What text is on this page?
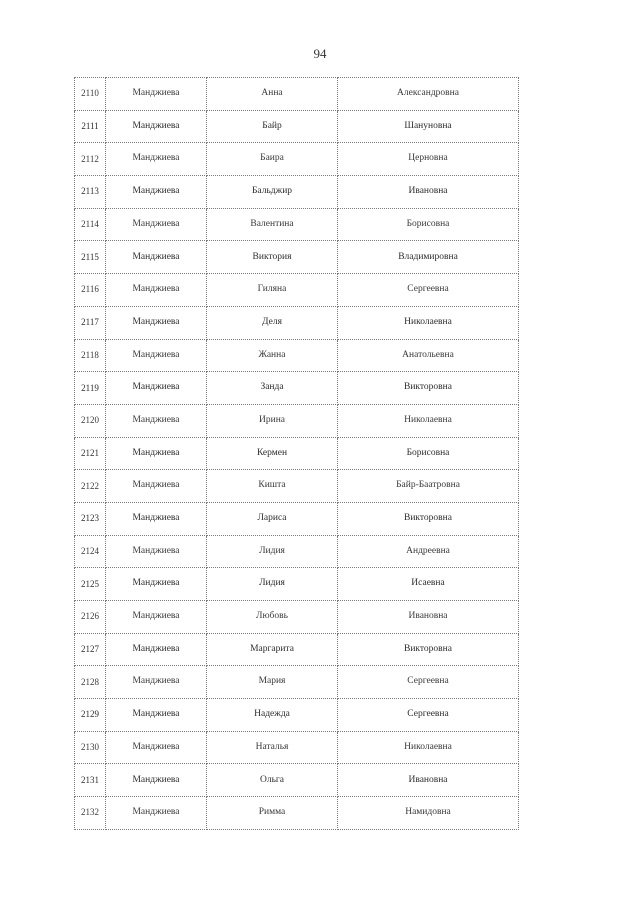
94
2110	Манджиева	Анна	Александровна
2111	Манджиева	Байр	Шануновна
2112	Манджиева	Баира	Церновна
2113	Манджиева	Бальджир	Ивановна
2114	Манджиева	Валентина	Борисовна
2115	Манджиева	Виктория	Владимировна
2116	Манджиева	Гиляна	Сергеевна
2117	Манджиева	Деля	Николаевна
2118	Манджиева	Жанна	Анатольевна
2119	Манджиева	Занда	Викторовна
2120	Манджиева	Ирина	Николаевна
2121	Манджиева	Кермен	Борисовна
2122	Манджиева	Кишта	Байр-Баатровна
2123	Манджиева	Лариса	Викторовна
2124	Манджиева	Лидия	Андреевна
2125	Манджиева	Лидия	Исаевна
2126	Манджиева	Любовь	Ивановна
2127	Манджиева	Маргарита	Викторовна
2128	Манджиева	Мария	Сергеевна
2129	Манджиева	Надежда	Сергеевна
2130	Манджиева	Наталья	Николаевна
2131	Манджиева	Ольга	Ивановна
2132	Манджиева	Римма	Намидовна
